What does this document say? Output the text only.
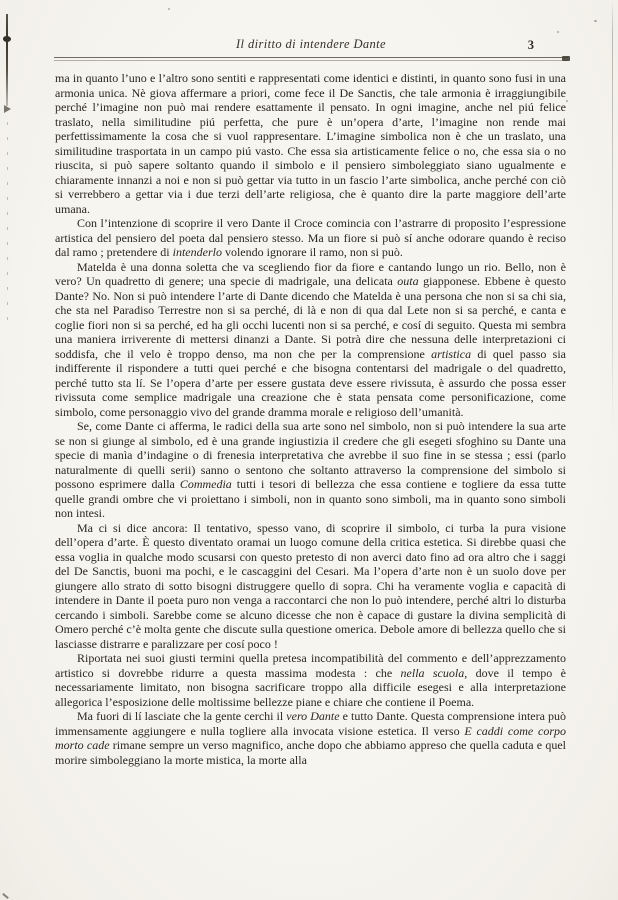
Il diritto di intendere Dante	3

ma in quanto l’uno e l’altro sono sentiti e rappresentati come identici e distinti, in quanto sono fusi in una armonia unica. Nè giova affermare a priori, come fece il De Sanctis, che tale armonia è irraggiungibile perché l’imagine non può mai rendere esattamente il pensato. In ogni imagine, anche nel piú felice traslato, nella similitudine piú perfetta, che pure è un’opera d’arte, l’imagine non rende mai perfettissimamente la cosa che si vuol rappresentare. L’imagine simbolica non è che un traslato, una similitudine trasportata in un campo piú vasto. Che essa sia artisticamente felice o no, che essa sia o no riuscita, si può sapere soltanto quando il simbolo e il pensiero simboleggiato siano ugualmente e chiaramente innanzi a noi e non si può gettar via tutto in un fascio l’arte simbolica, anche perché con ciò si verrebbero a gettar via i due terzi dell’arte religiosa, che è quanto dire la parte maggiore dell’arte umana.

Con l’intenzione di scoprire il vero Dante il Croce comincia con l’astrarre di proposito l’espressione artistica del pensiero del poeta dal pensiero stesso. Ma un fiore si può sí anche odorare quando è reciso dal ramo ; pretendere di intenderlo volendo ignorare il ramo, non si può.

Matelda è una donna soletta che va scegliendo fior da fiore e cantando lungo un rio. Bello, non è vero? Un quadretto di genere; una specie di madrigale, una delicata outa giapponese. Ebbene è questo Dante? No. Non si può intendere l’arte di Dante dicendo che Matelda è una persona che non si sa chi sia, che sta nel Paradiso Terrestre non si sa perché, di là e non di qua dal Lete non si sa perché, e canta e coglie fiori non si sa perché, ed ha gli occhi lucenti non si sa perché, e cosí di seguito. Questa mi sembra una maniera irriverente di mettersi dinanzi a Dante. Si potrà dire che nessuna delle interpretazioni ci soddisfa, che il velo è troppo denso, ma non che per la comprensione artistica di quel passo sia indifferente il rispondere a tutti quei perché e che bisogna contentarsi del madrigale o del quadretto, perché tutto sta lí. Se l’opera d’arte per essere gustata deve essere rivissuta, è assurdo che possa esser rivissuta come semplice madrigale una creazione che è stata pensata come personificazione, come simbolo, come personaggio vivo del grande dramma morale e religioso dell’umanità.

Se, come Dante ci afferma, le radici della sua arte sono nel simbolo, non si può intendere la sua arte se non si giunge al simbolo, ed è una grande ingiustizia il credere che gli esegeti sfoghino su Dante una specie di manìa d’indagine o di frenesia interpretativa che avrebbe il suo fine in se stessa ; essi (parlo naturalmente di quelli serii) sanno o sentono che soltanto attraverso la comprensione del simbolo si possono esprimere dalla Commedia tutti i tesori di bellezza che essa contiene e togliere da essa tutte quelle grandi ombre che vi proiettano i simboli, non in quanto sono simboli, ma in quanto sono simboli non intesi.

Ma ci si dice ancora: Il tentativo, spesso vano, di scoprire il simbolo, ci turba la pura visione dell’opera d’arte. È questo diventato oramai un luogo comune della critica estetica. Si direbbe quasi che essa voglia in qualche modo scusarsi con questo pretesto di non averci dato fino ad ora altro che i saggi del De Sanctis, buoni ma pochi, e le cascaggini del Cesari. Ma l’opera d’arte non è un suolo dove per giungere allo strato di sotto bisogni distruggere quello di sopra. Chi ha veramente voglia e capacità di intendere in Dante il poeta puro non venga a raccontarci che non lo può intendere, perché altri lo disturba cercando i simboli. Sarebbe come se alcuno dicesse che non è capace di gustare la divina semplicità di Omero perché c’è molta gente che discute sulla questione omerica. Debole amore di bellezza quello che si lasciasse distrarre e paralizzare per cosí poco !

Riportata nei suoi giusti termini quella pretesa incompatibilità del commento e dell’apprezzamento artistico si dovrebbe ridurre a questa massima modesta : che nella scuola, dove il tempo è necessariamente limitato, non bisogna sacrificare troppo alla difficile esegesi e alla interpretazione allegorica l’esposizione delle moltissime bellezze piane e chiare che contiene il Poema.

Ma fuori di lí lasciate che la gente cerchi il vero Dante e tutto Dante. Questa comprensione intera può immensamente aggiungere e nulla togliere alla invocata visione estetica. Il verso E caddi come corpo morto cade rimane sempre un verso magnifico, anche dopo che abbiamo appreso che quella caduta e quel morire simboleggiano la morte mistica, la morte alla
